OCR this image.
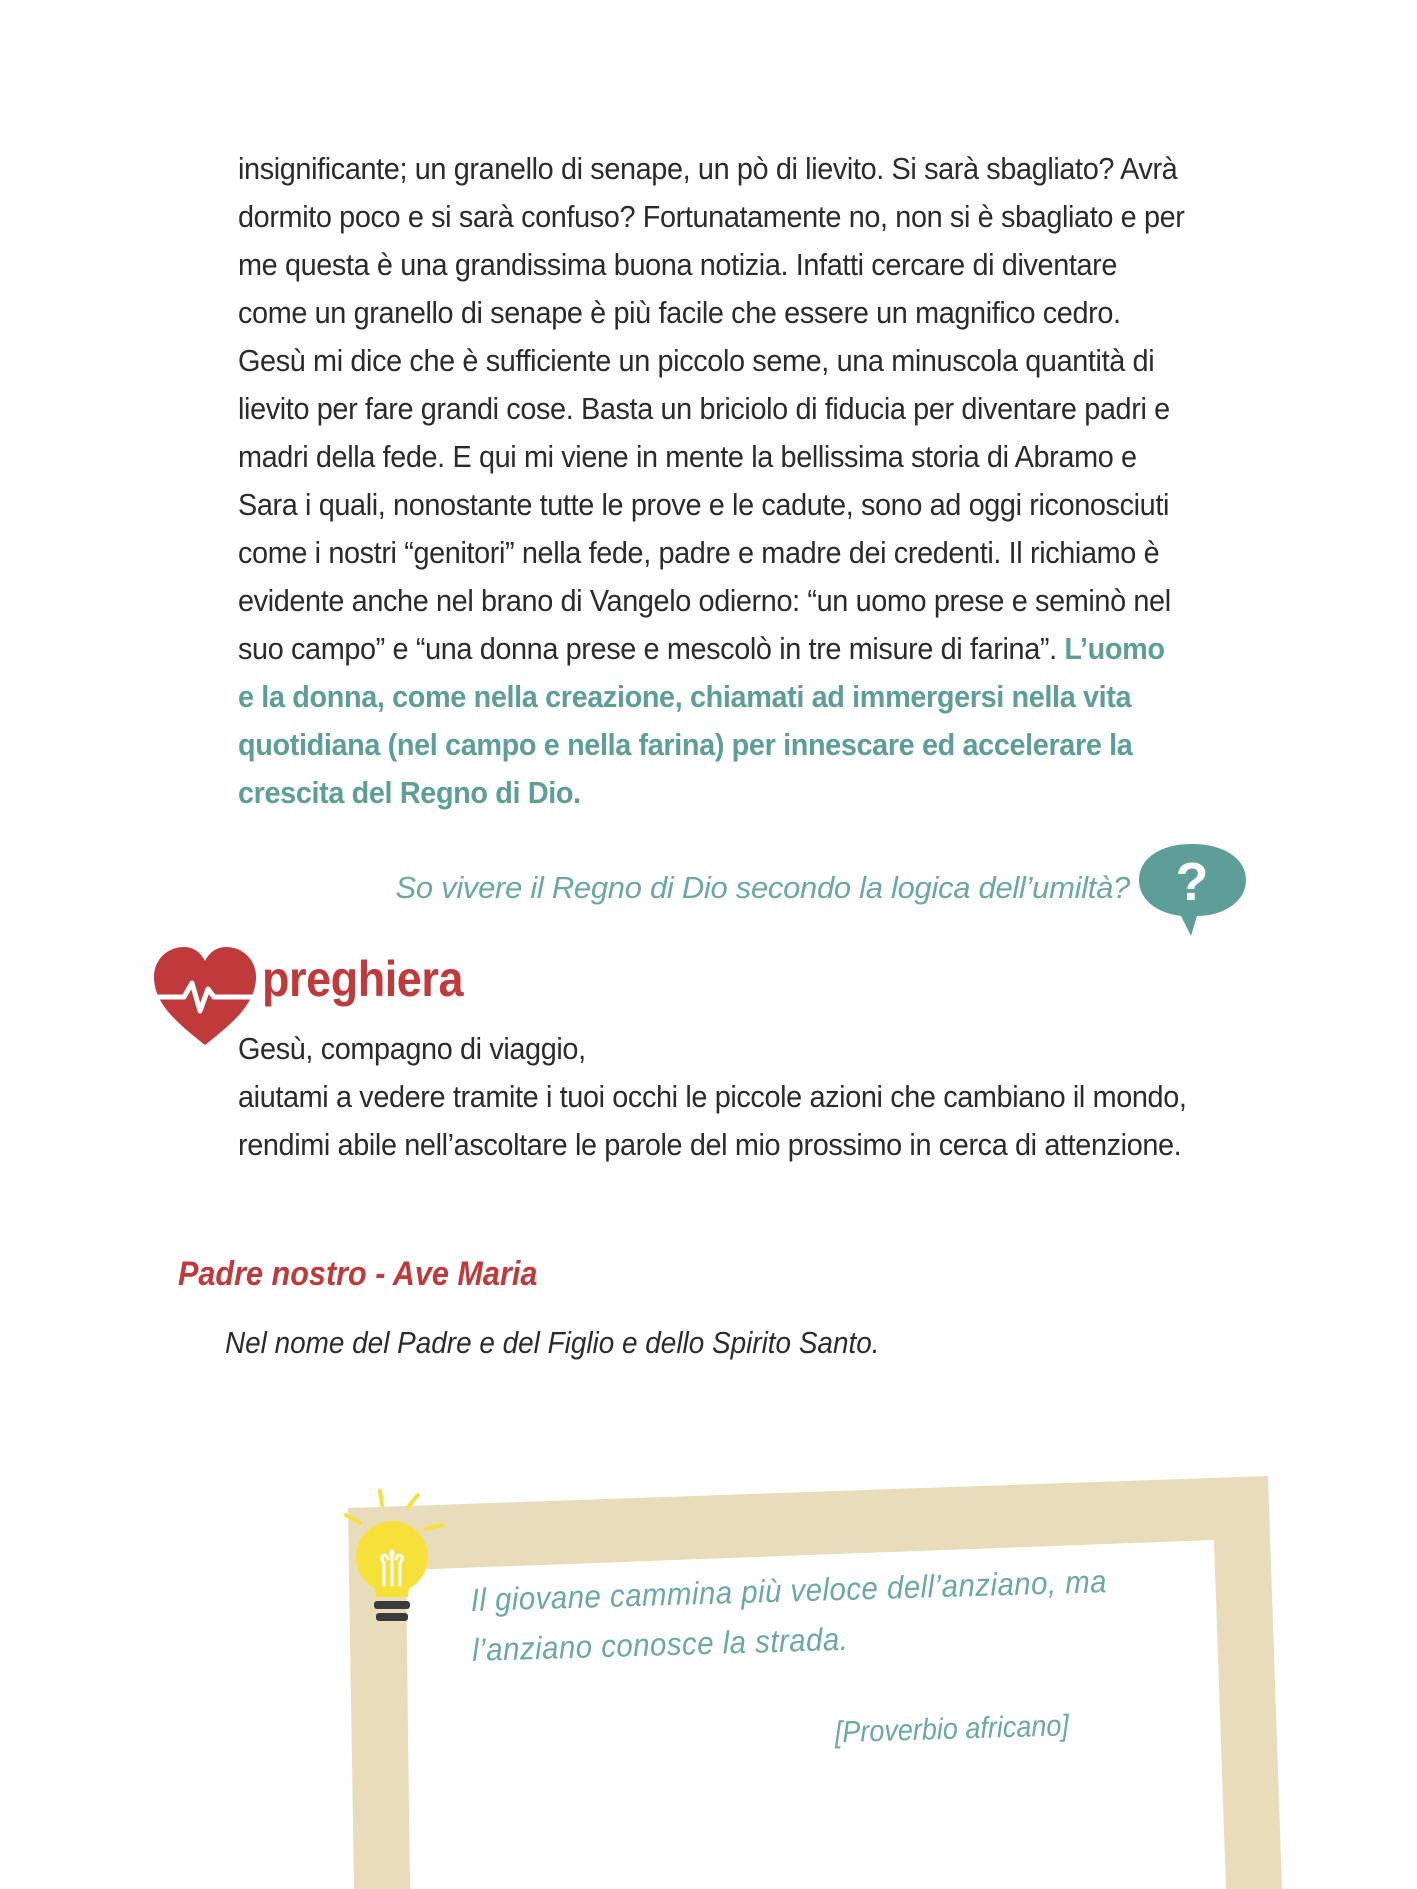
insignificante; un granello di senape, un pò di lievito. Si sarà sbagliato? Avrà dormito poco e si sarà confuso? Fortunatamente no, non si è sbagliato e per me questa è una grandissima buona notizia. Infatti cercare di diventare come un granello di senape è più facile che essere un magnifico cedro. Gesù mi dice che è sufficiente un piccolo seme, una minuscola quantità di lievito per fare grandi cose. Basta un briciolo di fiducia per diventare padri e madri della fede. E qui mi viene in mente la bellissima storia di Abramo e Sara i quali, nonostante tutte le prove e le cadute, sono ad oggi riconosciuti come i nostri “genitori” nella fede, padre e madre dei credenti. Il richiamo è evidente anche nel brano di Vangelo odierno: “un uomo prese e seminò nel suo campo” e “una donna prese e mescolò in tre misure di farina”. L’uomo e la donna, come nella creazione, chiamati ad immergersi nella vita quotidiana (nel campo e nella farina) per innescare ed accelerare la crescita del Regno di Dio.

So vivere il Regno di Dio secondo la logica dell’umiltà? ?
preghiera
Gesù, compagno di viaggio,
aiutami a vedere tramite i tuoi occhi le piccole azioni che cambiano il mondo,
rendimi abile nell’ascoltare le parole del mio prossimo in cerca di attenzione.
Padre nostro - Ave Maria
Nel nome del Padre e del Figlio e dello Spirito Santo.

Il giovane cammina più veloce dell’anziano, ma l’anziano conosce la strada.

[Proverbio africano]
